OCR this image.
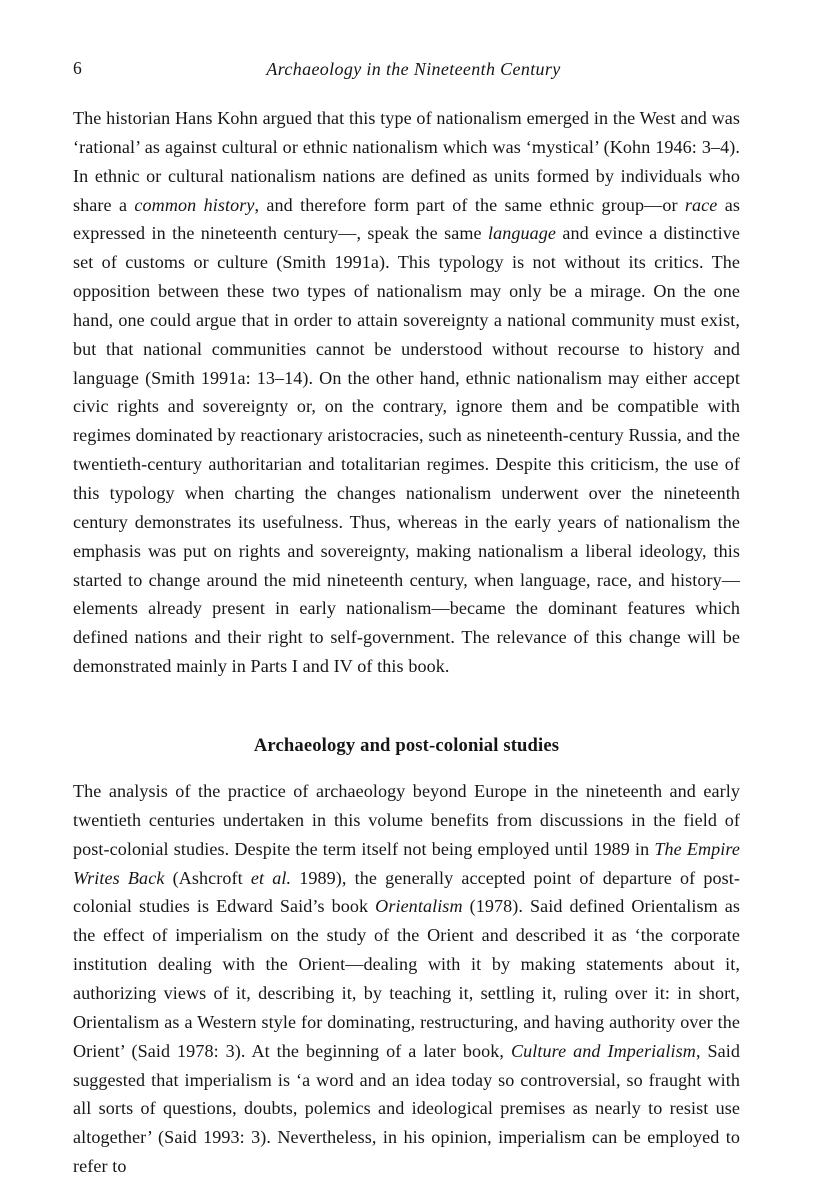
6	Archaeology in the Nineteenth Century

The historian Hans Kohn argued that this type of nationalism emerged in the West and was ‘rational’ as against cultural or ethnic nationalism which was ‘mystical’ (Kohn 1946: 3–4). In ethnic or cultural nationalism nations are defined as units formed by individuals who share a common history, and therefore form part of the same ethnic group—or race as expressed in the nineteenth century—, speak the same language and evince a distinctive set of customs or culture (Smith 1991a). This typology is not without its critics. The opposition between these two types of nationalism may only be a mirage. On the one hand, one could argue that in order to attain sovereignty a national community must exist, but that national communities cannot be understood without recourse to history and language (Smith 1991a: 13–14). On the other hand, ethnic nationalism may either accept civic rights and sovereignty or, on the contrary, ignore them and be compatible with regimes dominated by reactionary aristocracies, such as nineteenth-century Russia, and the twentieth-century authoritarian and totalitarian regimes. Despite this criticism, the use of this typology when charting the changes nationalism underwent over the nineteenth century demonstrates its usefulness. Thus, whereas in the early years of nationalism the emphasis was put on rights and sovereignty, making nationalism a liberal ideology, this started to change around the mid nineteenth century, when language, race, and history—elements already present in early nationalism—became the dominant features which defined nations and their right to self-government. The relevance of this change will be demonstrated mainly in Parts I and IV of this book.

Archaeology and post-colonial studies

The analysis of the practice of archaeology beyond Europe in the nineteenth and early twentieth centuries undertaken in this volume benefits from discussions in the field of post-colonial studies. Despite the term itself not being employed until 1989 in The Empire Writes Back (Ashcroft et al. 1989), the generally accepted point of departure of post-colonial studies is Edward Said’s book Orientalism (1978). Said defined Orientalism as the effect of imperialism on the study of the Orient and described it as ‘the corporate institution dealing with the Orient—dealing with it by making statements about it, authorizing views of it, describing it, by teaching it, settling it, ruling over it: in short, Orientalism as a Western style for dominating, restructuring, and having authority over the Orient’ (Said 1978: 3). At the beginning of a later book, Culture and Imperialism, Said suggested that imperialism is ‘a word and an idea today so controversial, so fraught with all sorts of questions, doubts, polemics and ideological premises as nearly to resist use altogether’ (Said 1993: 3). Nevertheless, in his opinion, imperialism can be employed to refer to
